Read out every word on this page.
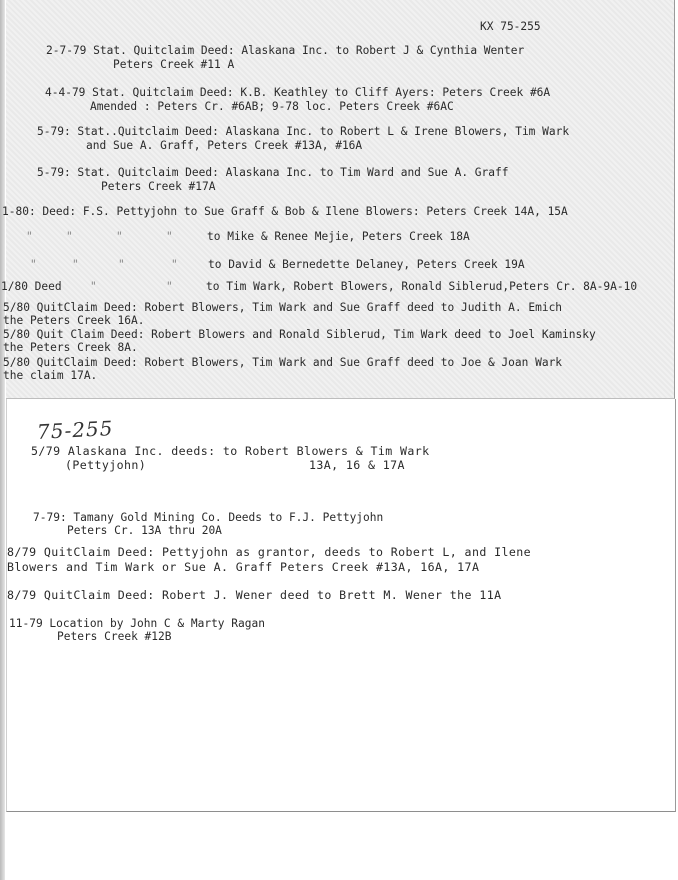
KX 75-255
2-7-79 Stat. Quitclaim Deed: Alaskana Inc. to Robert J & Cynthia Wenter
Peters Creek #11 A
4-4-79 Stat. Quitclaim Deed: K.B. Keathley to Cliff Ayers: Peters Creek #6A
Amended : Peters Cr. #6AB; 9-78 loc. Peters Creek #6AC
5-79: Stat..Quitclaim Deed: Alaskana Inc. to Robert L & Irene Blowers, Tim Wark
and Sue A. Graff, Peters Creek #13A, #16A
5-79: Stat. Quitclaim Deed: Alaskana Inc. to Tim Ward and Sue A. Graff
Peters Creek #17A
1-80: Deed: F.S. Pettyjohn to Sue Graff & Bob & Ilene Blowers: Peters Creek 14A, 15A
"	"	"	"	to Mike & Renee Mejie, Peters Creek 18A
"	"	"	"	to David & Bernedette Delaney, Peters Creek 19A
1/80 Deed	"	"	to Tim Wark, Robert Blowers, Ronald Siblerud,Peters Cr. 8A-9A-10
5/80 QuitClaim Deed: Robert Blowers, Tim Wark and Sue Graff deed to Judith A. Emich
the Peters Creek 16A.
5/80 Quit Claim Deed: Robert Blowers and Ronald Siblerud, Tim Wark deed to Joel Kaminsky
the Peters Creek 8A.
5/80 QuitClaim Deed: Robert Blowers, Tim Wark and Sue Graff deed to Joe & Joan Wark
the claim 17A.
75-255
5/79 Alaskana Inc. deeds: to Robert Blowers & Tim Wark
(Pettyjohn)	13A, 16 & 17A
7-79: Tamany Gold Mining Co. Deeds to F.J. Pettyjohn
Peters Cr. 13A thru 20A
8/79 QuitClaim Deed: Pettyjohn as grantor, deeds to Robert L, and Ilene
Blowers and Tim Wark or Sue A. Graff Peters Creek #13A, 16A, 17A
8/79 QuitClaim Deed: Robert J. Wener deed to Brett M. Wener the 11A
11-79 Location by John C & Marty Ragan
Peters Creek #12B
